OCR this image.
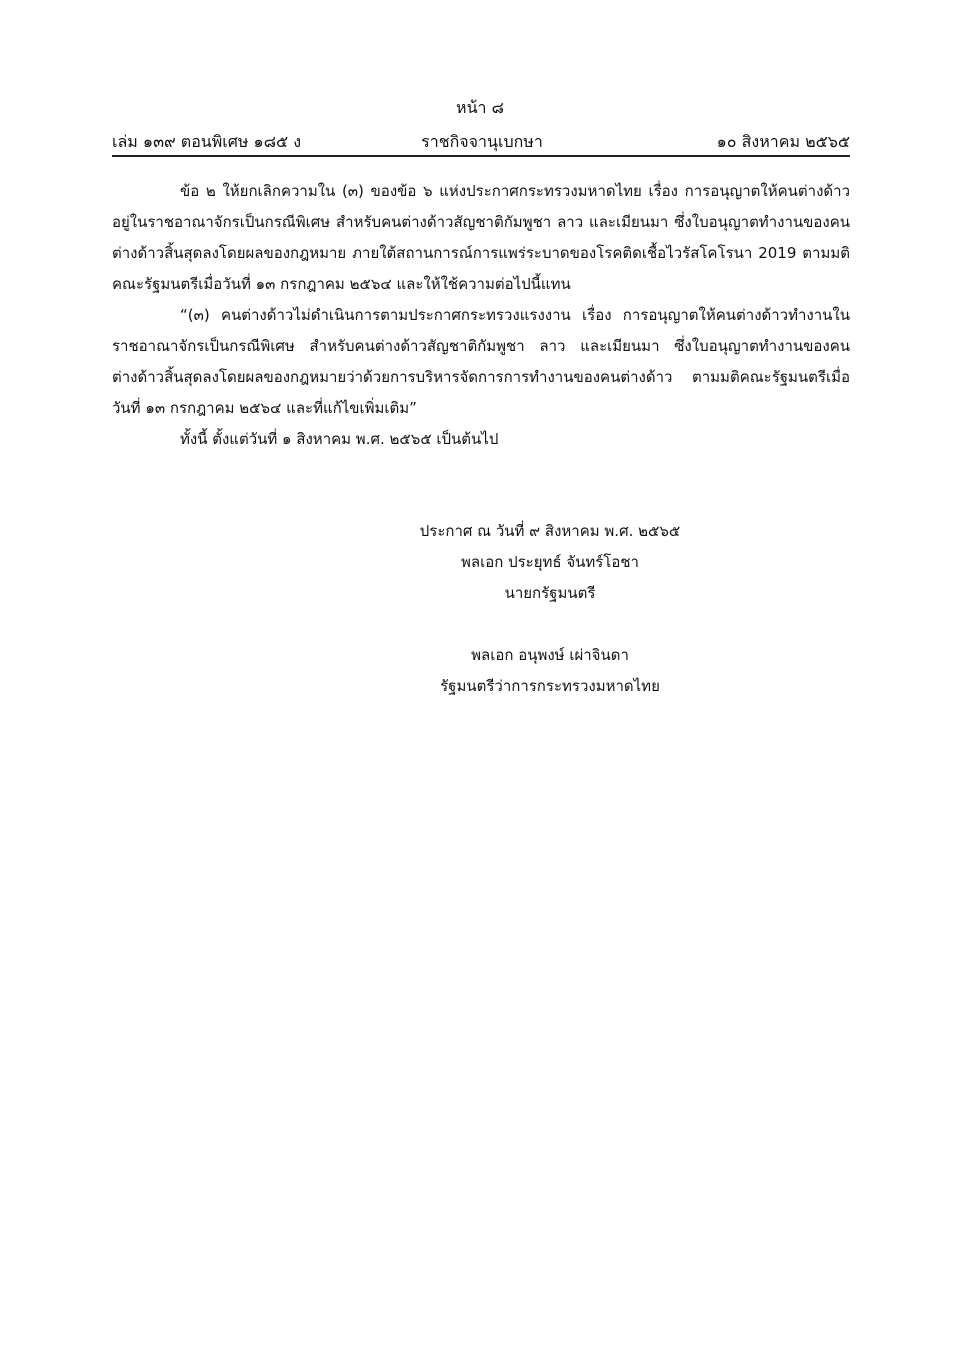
หน้า ๘
เล่ม ๑๓๙ ตอนพิเศษ ๑๘๕ ง	ราชกิจจานุเบกษา	๑๐ สิงหาคม ๒๕๖๕

ข้อ ๒ ให้ยกเลิกความใน (๓) ของข้อ ๖ แห่งประกาศกระทรวงมหาดไทย เรื่อง การอนุญาตให้คนต่างด้าวอยู่ในราชอาณาจักรเป็นกรณีพิเศษ สำหรับคนต่างด้าวสัญชาติกัมพูชา ลาว และเมียนมา ซึ่งใบอนุญาตทำงานของคนต่างด้าวสิ้นสุดลงโดยผลของกฎหมาย ภายใต้สถานการณ์การแพร่ระบาดของโรคติดเชื้อไวรัสโคโรนา 2019 ตามมติคณะรัฐมนตรีเมื่อวันที่ ๑๓ กรกฎาคม ๒๕๖๔ และให้ใช้ความต่อไปนี้แทน

“(๓) คนต่างด้าวไม่ดำเนินการตามประกาศกระทรวงแรงงาน เรื่อง การอนุญาตให้คนต่างด้าวทำงานในราชอาณาจักรเป็นกรณีพิเศษ สำหรับคนต่างด้าวสัญชาติกัมพูชา ลาว และเมียนมา ซึ่งใบอนุญาตทำงานของคนต่างด้าวสิ้นสุดลงโดยผลของกฎหมายว่าด้วยการบริหารจัดการการทำงานของคนต่างด้าว ตามมติคณะรัฐมนตรีเมื่อวันที่ ๑๓ กรกฎาคม ๒๕๖๔ และที่แก้ไขเพิ่มเติม”

ทั้งนี้ ตั้งแต่วันที่ ๑ สิงหาคม พ.ศ. ๒๕๖๕ เป็นต้นไป

ประกาศ ณ วันที่ ๙ สิงหาคม พ.ศ. ๒๕๖๕

พลเอก ประยุทธ์ จันทร์โอชา

นายกรัฐมนตรี

พลเอก อนุพงษ์ เผ่าจินดา

รัฐมนตรีว่าการกระทรวงมหาดไทย
